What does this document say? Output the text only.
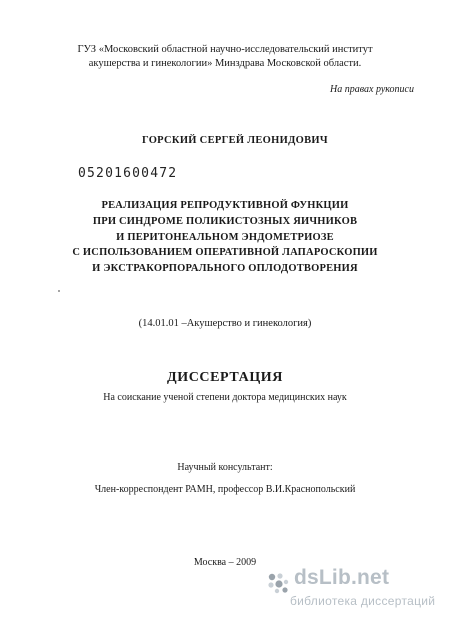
ГУЗ «Московский областной научно-исследовательский институт
акушерства и гинекологии» Минздрава Московской области.
На правах рукописи
ГОРСКИЙ СЕРГЕЙ ЛЕОНИДОВИЧ
05201600472
РЕАЛИЗАЦИЯ РЕПРОДУКТИВНОЙ ФУНКЦИИ
ПРИ СИНДРОМЕ ПОЛИКИСТОЗНЫХ ЯИЧНИКОВ
И ПЕРИТОНЕАЛЬНОМ ЭНДОМЕТРИОЗЕ
С ИСПОЛЬЗОВАНИЕМ ОПЕРАТИВНОЙ ЛАПАРОСКОПИИ
И ЭКСТРАКОРПОРАЛЬНОГО ОПЛОДОТВОРЕНИЯ
(14.01.01 –Акушерство и гинекология)
ДИССЕРТАЦИЯ
На соискание ученой степени доктора медицинских наук
Научный консультант:
Член-корреспондент РАМН, профессор В.И.Краснопольский
Москва – 2009
dsLib.net
библиотека диссертаций
